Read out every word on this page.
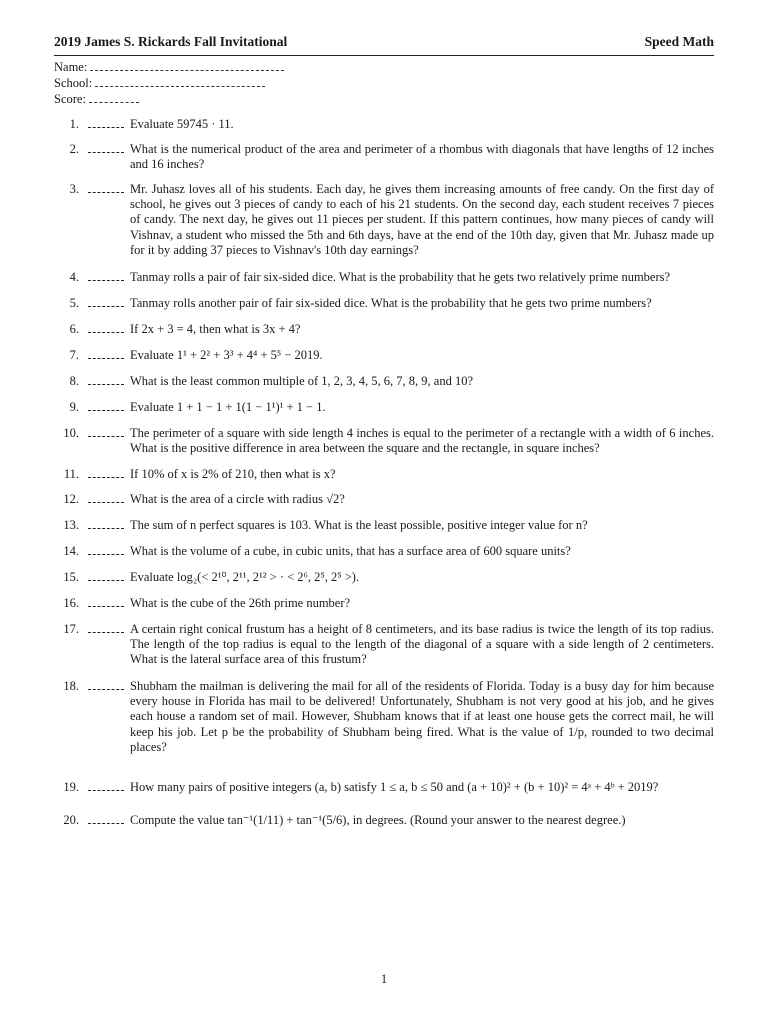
2019 James S. Rickards Fall Invitational	Speed Math
Name:
School:
Score:
1.	Evaluate 59745 · 11.
2.	What is the numerical product of the area and perimeter of a rhombus with diagonals that have lengths of 12 inches and 16 inches?
3.	Mr. Juhasz loves all of his students. Each day, he gives them increasing amounts of free candy. On the first day of school, he gives out 3 pieces of candy to each of his 21 students. On the second day, each student receives 7 pieces of candy. The next day, he gives out 11 pieces per student. If this pattern continues, how many pieces of candy will Vishnav, a student who missed the 5th and 6th days, have at the end of the 10th day, given that Mr. Juhasz made up for it by adding 37 pieces to Vishnav's 10th day earnings?
4.	Tanmay rolls a pair of fair six-sided dice. What is the probability that he gets two relatively prime numbers?
5.	Tanmay rolls another pair of fair six-sided dice. What is the probability that he gets two prime numbers?
6.	If 2x + 3 = 4, then what is 3x + 4?
7.	Evaluate 1¹ + 2² + 3³ + 4⁴ + 5⁵ − 2019.
8.	What is the least common multiple of 1, 2, 3, 4, 5, 6, 7, 8, 9, and 10?
9.	Evaluate 1 + 1 − 1 + 1(1 − 1¹)¹ + 1 − 1.
10.	The perimeter of a square with side length 4 inches is equal to the perimeter of a rectangle with a width of 6 inches. What is the positive difference in area between the square and the rectangle, in square inches?
11.	If 10% of x is 2% of 210, then what is x?
12.	What is the area of a circle with radius √2?
13.	The sum of n perfect squares is 103. What is the least possible, positive integer value for n?
14.	What is the volume of a cube, in cubic units, that has a surface area of 600 square units?
15.	Evaluate log₂(< 2¹⁰, 2¹¹, 2¹² > · < 2⁶, 2⁵, 2⁵ >).
16.	What is the cube of the 26th prime number?
17.	A certain right conical frustum has a height of 8 centimeters, and its base radius is twice the length of its top radius. The length of the top radius is equal to the length of the diagonal of a square with a side length of 2 centimeters. What is the lateral surface area of this frustum?
18.	Shubham the mailman is delivering the mail for all of the residents of Florida. Today is a busy day for him because every house in Florida has mail to be delivered! Unfortunately, Shubham is not very good at his job, and he gives each house a random set of mail. However, Shubham knows that if at least one house gets the correct mail, he will keep his job. Let p be the probability of Shubham being fired. What is the value of 1/p, rounded to two decimal places?
19.	How many pairs of positive integers (a, b) satisfy 1 ≤ a, b ≤ 50 and (a + 10)² + (b + 10)² = 4ᵃ + 4ᵇ + 2019?
20.	Compute the value tan⁻¹(1/11) + tan⁻¹(5/6), in degrees. (Round your answer to the nearest degree.)
1
